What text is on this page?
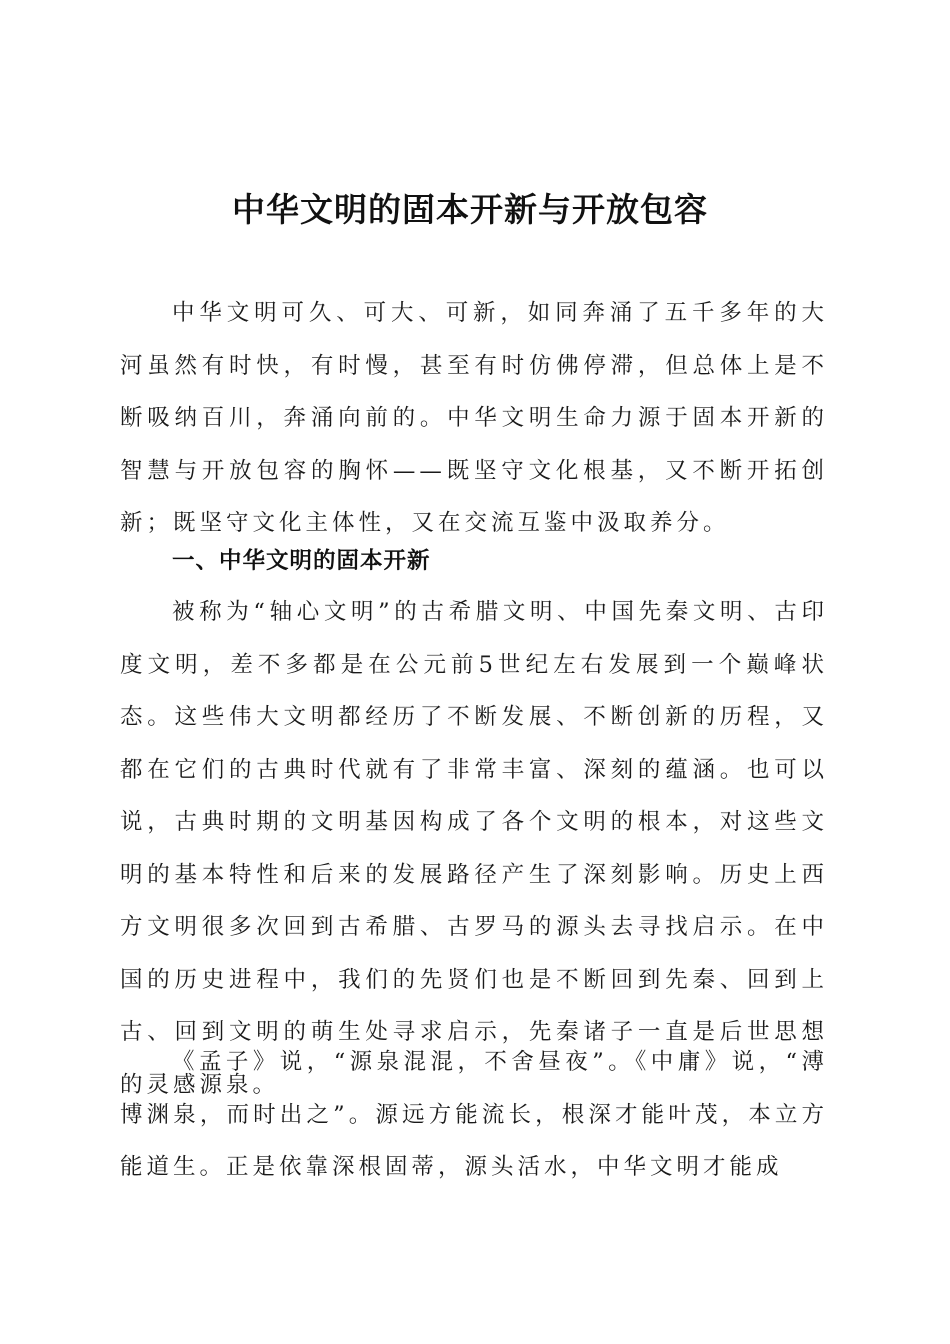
中华文明的固本开新与开放包容

中华文明可久、可大、可新，如同奔涌了五千多年的大河虽然有时快，有时慢，甚至有时仿佛停滞，但总体上是不断吸纳百川，奔涌向前的。中华文明生命力源于固本开新的智慧与开放包容的胸怀——既坚守文化根基，又不断开拓创新；既坚守文化主体性，又在交流互鉴中汲取养分。

一、中华文明的固本开新

被称为“轴心文明”的古希腊文明、中国先秦文明、古印度文明，差不多都是在公元前5世纪左右发展到一个巅峰状态。这些伟大文明都经历了不断发展、不断创新的历程，又都在它们的古典时代就有了非常丰富、深刻的蕴涵。也可以说，古典时期的文明基因构成了各个文明的根本，对这些文明的基本特性和后来的发展路径产生了深刻影响。历史上西方文明很多次回到古希腊、古罗马的源头去寻找启示。在中国的历史进程中，我们的先贤们也是不断回到先秦、回到上古、回到文明的萌生处寻求启示，先秦诸子一直是后世思想的灵感源泉。

《孟子》说，“源泉混混，不舍昼夜”。《中庸》说，“溥博渊泉，而时出之”。源远方能流长，根深才能叶茂，本立方能道生。正是依靠深根固蒂，源头活水，中华文明才能成
